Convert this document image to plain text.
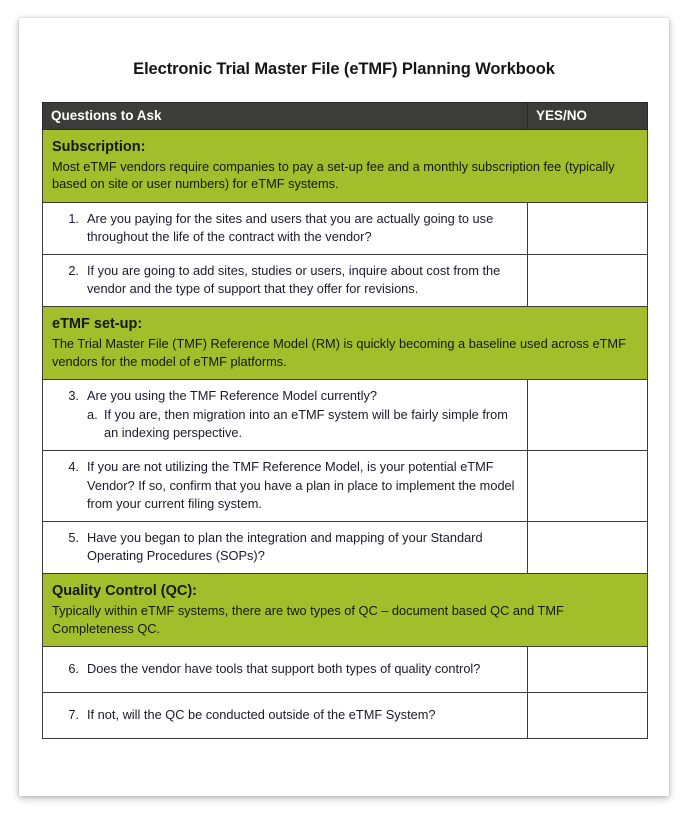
Electronic Trial Master File (eTMF) Planning Workbook
Questions to Ask	YES/NO

Subscription:
Most eTMF vendors require companies to pay a set-up fee and a monthly subscription fee (typically based on site or user numbers) for eTMF systems.	

1. Are you paying for the sites and users that you are actually going to use throughout the life of the contract with the vendor?	

2. If you are going to add sites, studies or users, inquire about cost from the vendor and the type of support that they offer for revisions.	

eTMF set-up:
The Trial Master File (TMF) Reference Model (RM) is quickly becoming a baseline used across eTMF vendors for the model of eTMF platforms.	

3. Are you using the TMF Reference Model currently?
a. If you are, then migration into an eTMF system will be fairly simple from an indexing perspective.	

4. If you are not utilizing the TMF Reference Model, is your potential eTMF Vendor? If so, confirm that you have a plan in place to implement the model from your current filing system.	

5. Have you began to plan the integration and mapping of your Standard Operating Procedures (SOPs)?	

Quality Control (QC):
Typically within eTMF systems, there are two types of QC – document based QC and TMF Completeness QC.	

6. Does the vendor have tools that support both types of quality control?	

7. If not, will the QC be conducted outside of the eTMF System?	
